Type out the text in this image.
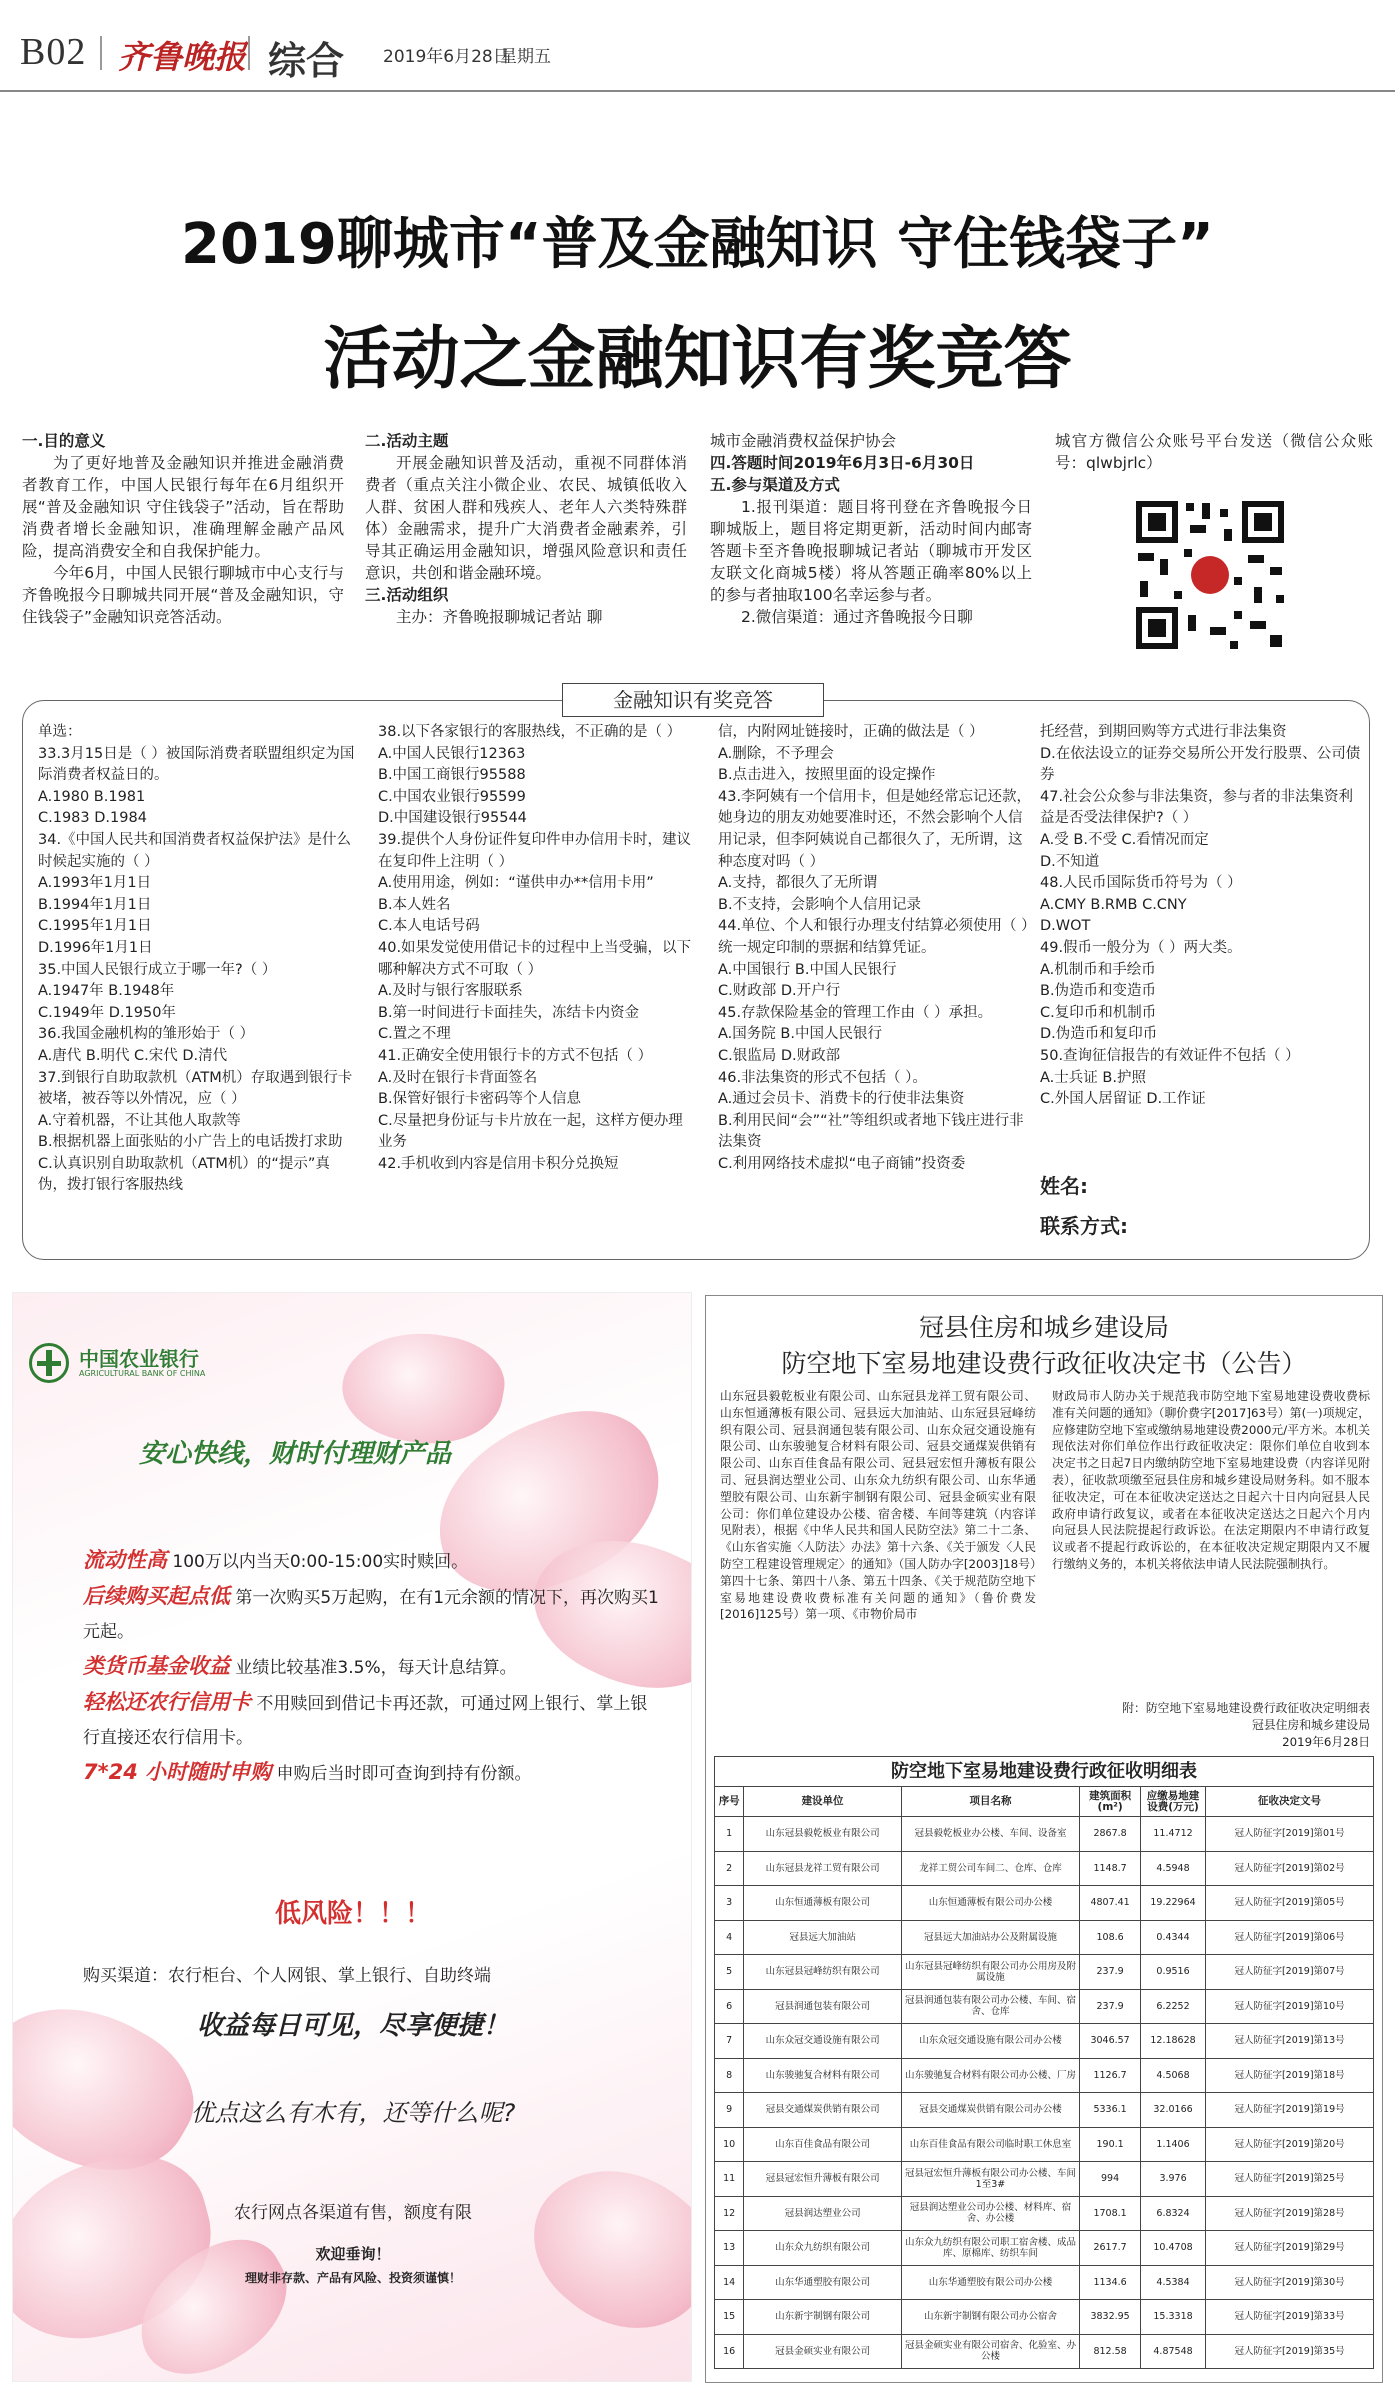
B02 齐鲁晚报 综合 2019年6月28日
星期五
2019聊城市“普及金融知识 守住钱袋子”
活动之金融知识有奖竞答
一.目的意义

为了更好地普及金融知识并推进金融消费者教育工作，中国人民银行每年在6月组织开展“普及金融知识 守住钱袋子”活动，旨在帮助消费者增长金融知识，准确理解金融产品风险，提高消费安全和自我保护能力。

今年6月，中国人民银行聊城市中心支行与齐鲁晚报今日聊城共同开展“普及金融知识，守住钱袋子”金融知识竞答活动。

二.活动主题

开展金融知识普及活动，重视不同群体消费者（重点关注小微企业、农民、城镇低收入人群、贫困人群和残疾人、老年人六类特殊群体）金融需求，提升广大消费者金融素养，引导其正确运用金融知识，增强风险意识和责任意识，共创和谐金融环境。

三.活动组织

主办：齐鲁晚报聊城记者站 聊

城市金融消费权益保护协会

四.答题时间2019年6月3日-6月30日
五.参与渠道及方式

1.报刊渠道：题目将刊登在齐鲁晚报今日聊城版上，题目将定期更新，活动时间内邮寄答题卡至齐鲁晚报聊城记者站（聊城市开发区友联文化商城5楼）将从答题正确率80%以上的参与者抽取100名幸运参与者。

2.微信渠道：通过齐鲁晚报今日聊

城官方微信公众账号平台发送（微信公众账号：qlwbjrlc）

金融知识有奖竞答
单选：
33.3月15日是（ ）被国际消费者联盟组织定为国际消费者权益日的。
A.1980 B.1981
C.1983 D.1984
34.《中国人民共和国消费者权益保护法》是什么时候起实施的（ ）
A.1993年1月1日
B.1994年1月1日
C.1995年1月1日
D.1996年1月1日
35.中国人民银行成立于哪一年?（ ）
A.1947年 B.1948年
C.1949年 D.1950年
36.我国金融机构的雏形始于（ ）
A.唐代 B.明代 C.宋代 D.清代
37.到银行自助取款机（ATM机）存取遇到银行卡被堵，被吞等以外情况，应（ ）
A.守着机器，不让其他人取款等
B.根据机器上面张贴的小广告上的电话拨打求助
C.认真识别自助取款机（ATM机）的“提示”真伪，拨打银行客服热线
38.以下各家银行的客服热线，不正确的是（ ）
A.中国人民银行12363
B.中国工商银行95588
C.中国农业银行95599
D.中国建设银行95544
39.提供个人身份证件复印件申办信用卡时，建议在复印件上注明（ ）
A.使用用途，例如：“谨供申办**信用卡用”
B.本人姓名
C.本人电话号码
40.如果发觉使用借记卡的过程中上当受骗，以下哪种解决方式不可取（ ）
A.及时与银行客服联系
B.第一时间进行卡面挂失，冻结卡内资金
C.置之不理
41.正确安全使用银行卡的方式不包括（ ）
A.及时在银行卡背面签名
B.保管好银行卡密码等个人信息
C.尽量把身份证与卡片放在一起，这样方便办理业务
42.手机收到内容是信用卡积分兑换短
信，内附网址链接时，正确的做法是（ ）
A.删除，不予理会
B.点击进入，按照里面的设定操作
43.李阿姨有一个信用卡，但是她经常忘记还款，她身边的朋友劝她要准时还，不然会影响个人信用记录，但李阿姨说自己都很久了，无所谓，这种态度对吗（ ）
A.支持，都很久了无所谓
B.不支持，会影响个人信用记录
44.单位、个人和银行办理支付结算必须使用（ ）统一规定印制的票据和结算凭证。
A.中国银行 B.中国人民银行
C.财政部 D.开户行
45.存款保险基金的管理工作由（ ）承担。
A.国务院 B.中国人民银行
C.银监局 D.财政部
46.非法集资的形式不包括（ ）。
A.通过会员卡、消费卡的行使非法集资
B.利用民间“会”“社”等组织或者地下钱庄进行非法集资
C.利用网络技术虚拟“电子商铺”投资委
托经营，到期回购等方式进行非法集资
D.在依法设立的证券交易所公开发行股票、公司债券
47.社会公众参与非法集资，参与者的非法集资利益是否受法律保护?（ ）
A.受 B.不受 C.看情况而定
D.不知道
48.人民币国际货币符号为（ ）
A.CMY B.RMB C.CNY
D.WOT
49.假币一般分为（ ）两大类。
A.机制币和手绘币
B.伪造币和变造币
C.复印币和机制币
D.伪造币和复印币
50.查询征信报告的有效证件不包括（ ）
A.士兵证 B.护照
C.外国人居留证 D.工作证
姓名:
联系方式:
中国农业银行
AGRICULTURAL BANK OF CHINA
安心快线，财时付理财产品
流动性高 100万以内当天0:00-15:00实时赎回。
后续购买起点低 第一次购买5万起购，在有1元余额的情况下，再次购买1元起。
类货币基金收益 业绩比较基准3.5%，每天计息结算。
轻松还农行信用卡 不用赎回到借记卡再还款，可通过网上银行、掌上银行直接还农行信用卡。
7*24 小时随时申购 申购后当时即可查询到持有份额。
低风险！！！
购买渠道：农行柜台、个人网银、掌上银行、自助终端
收益每日可见，尽享便捷！
优点这么有木有，还等什么呢?
农行网点各渠道有售，额度有限
欢迎垂询！
理财非存款、产品有风险、投资须谨慎！
冠县住房和城乡建设局
防空地下室易地建设费行政征收决定书（公告）
山东冠县毅乾板业有限公司、山东冠县龙祥工贸有限公司、山东恒通薄板有限公司、冠县远大加油站、山东冠县冠峰纺织有限公司、冠县润通包装有限公司、山东众冠交通设施有限公司、山东骏驰复合材料有限公司、冠县交通煤炭供销有限公司、山东百佳食品有限公司、冠县冠宏恒升薄板有限公司、冠县润达塑业公司、山东众九纺织有限公司、山东华通塑胶有限公司、山东新宇制钢有限公司、冠县金硕实业有限公司：你们单位建设办公楼、宿舍楼、车间等建筑（内容详见附表），根据《中华人民共和国人民防空法》第二十二条、《山东省实施〈人防法〉办法》第十六条、《关于颁发〈人民防空工程建设管理规定〉的通知》（国人防办字[2003]18号）第四十七条、第四十八条、第五十四条、《关于规范防空地下室易地建设费收费标准有关问题的通知》（鲁价费发[2016]125号）第一项、《市物价局市
财政局市人防办关于规范我市防空地下室易地建设费收费标准有关问题的通知》（聊价费字[2017]63号）第(一)项规定，应修建防空地下室或缴纳易地建设费2000元/平方米。本机关现依法对你们单位作出行政征收决定：限你们单位自收到本决定书之日起7日内缴纳防空地下室易地建设费（内容详见附表），征收款项缴至冠县住房和城乡建设局财务科。如不服本征收决定，可在本征收决定送达之日起六十日内向冠县人民政府申请行政复议，或者在本征收决定送达之日起六个月内向冠县人民法院提起行政诉讼。在法定期限内不申请行政复议或者不提起行政诉讼的，在本征收决定规定期限内又不履行缴纳义务的，本机关将依法申请人民法院强制执行。
附：防空地下室易地建设费行政征收决定明细表
冠县住房和城乡建设局
2019年6月28日
防空地下室易地建设费行政征收明细表					
序号	建设单位	项目名称	建筑面积(m²)	应缴易地建设费(万元)	征收决定文号
1	山东冠县毅乾板业有限公司	冠县毅乾板业办公楼、车间、设备室	2867.8	11.4712	冠人防征字[2019]第01号
2	山东冠县龙祥工贸有限公司	龙祥工贸公司车间二、仓库、仓库	1148.7	4.5948	冠人防征字[2019]第02号
3	山东恒通薄板有限公司	山东恒通薄板有限公司办公楼	4807.41	19.22964	冠人防征字[2019]第05号
4	冠县远大加油站	冠县远大加油站办公及附属设施	108.6	0.4344	冠人防征字[2019]第06号
5	山东冠县冠峰纺织有限公司	山东冠县冠峰纺织有限公司办公用房及附属设施	237.9	0.9516	冠人防征字[2019]第07号
6	冠县润通包装有限公司	冠县润通包装有限公司办公楼、车间、宿舍、仓库	237.9	6.2252	冠人防征字[2019]第10号
7	山东众冠交通设施有限公司	山东众冠交通设施有限公司办公楼	3046.57	12.18628	冠人防征字[2019]第13号
8	山东骏驰复合材料有限公司	山东骏驰复合材料有限公司办公楼、厂房	1126.7	4.5068	冠人防征字[2019]第18号
9	冠县交通煤炭供销有限公司	冠县交通煤炭供销有限公司办公楼	5336.1	32.0166	冠人防征字[2019]第19号
10	山东百佳食品有限公司	山东百佳食品有限公司临时职工休息室	190.1	1.1406	冠人防征字[2019]第20号
11	冠县冠宏恒升薄板有限公司	冠县冠宏恒升薄板有限公司办公楼、车间1至3#	994	3.976	冠人防征字[2019]第25号
12	冠县润达塑业公司	冠县润达塑业公司办公楼、材料库、宿舍、办公楼	1708.1	6.8324	冠人防征字[2019]第28号
13	山东众九纺织有限公司	山东众九纺织有限公司职工宿舍楼、成品库、原棉库、纺织车间	2617.7	10.4708	冠人防征字[2019]第29号
14	山东华通塑胶有限公司	山东华通塑胶有限公司办公楼	1134.6	4.5384	冠人防征字[2019]第30号
15	山东新宇制钢有限公司	山东新宇制钢有限公司办公宿舍	3832.95	15.3318	冠人防征字[2019]第33号
16	冠县金硕实业有限公司	冠县金硕实业有限公司宿舍、化验室、办公楼	812.58	4.87548	冠人防征字[2019]第35号
